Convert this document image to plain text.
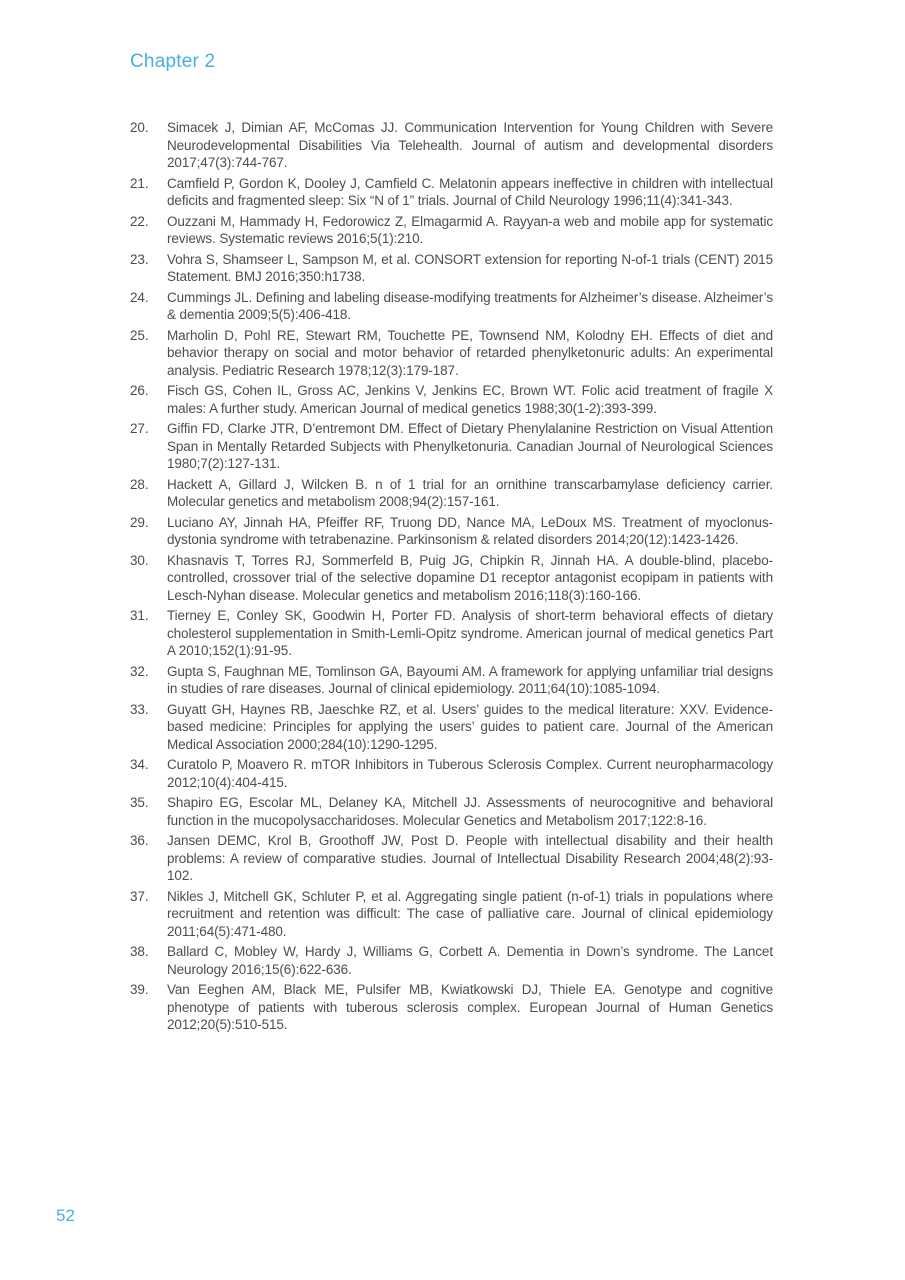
Chapter 2
20.	Simacek J, Dimian AF, McComas JJ. Communication Intervention for Young Children with Severe Neurodevelopmental Disabilities Via Telehealth. Journal of autism and developmental disorders 2017;47(3):744-767.
21.	Camfield P, Gordon K, Dooley J, Camfield C. Melatonin appears ineffective in children with intellectual deficits and fragmented sleep: Six “N of 1” trials. Journal of Child Neurology 1996;11(4):341-343.
22.	Ouzzani M, Hammady H, Fedorowicz Z, Elmagarmid A. Rayyan-a web and mobile app for systematic reviews. Systematic reviews 2016;5(1):210.
23.	Vohra S, Shamseer L, Sampson M, et al. CONSORT extension for reporting N-of-1 trials (CENT) 2015 Statement. BMJ 2016;350:h1738.
24.	Cummings JL. Defining and labeling disease-modifying treatments for Alzheimer’s disease. Alzheimer’s & dementia 2009;5(5):406-418.
25.	Marholin D, Pohl RE, Stewart RM, Touchette PE, Townsend NM, Kolodny EH. Effects of diet and behavior therapy on social and motor behavior of retarded phenylketonuric adults: An experimental analysis. Pediatric Research 1978;12(3):179-187.
26.	Fisch GS, Cohen IL, Gross AC, Jenkins V, Jenkins EC, Brown WT. Folic acid treatment of fragile X males: A further study. American Journal of medical genetics 1988;30(1-2):393-399.
27.	Giffin FD, Clarke JTR, D’entremont DM. Effect of Dietary Phenylalanine Restriction on Visual Attention Span in Mentally Retarded Subjects with Phenylketonuria. Canadian Journal of Neurological Sciences 1980;7(2):127-131.
28.	Hackett A, Gillard J, Wilcken B. n of 1 trial for an ornithine transcarbamylase deficiency carrier. Molecular genetics and metabolism 2008;94(2):157-161.
29.	Luciano AY, Jinnah HA, Pfeiffer RF, Truong DD, Nance MA, LeDoux MS. Treatment of myoclonus-dystonia syndrome with tetrabenazine. Parkinsonism & related disorders 2014;20(12):1423-1426.
30.	Khasnavis T, Torres RJ, Sommerfeld B, Puig JG, Chipkin R, Jinnah HA. A double-blind, placebo-controlled, crossover trial of the selective dopamine D1 receptor antagonist ecopipam in patients with Lesch-Nyhan disease. Molecular genetics and metabolism 2016;118(3):160-166.
31.	Tierney E, Conley SK, Goodwin H, Porter FD. Analysis of short-term behavioral effects of dietary cholesterol supplementation in Smith-Lemli-Opitz syndrome. American journal of medical genetics Part A 2010;152(1):91-95.
32.	Gupta S, Faughnan ME, Tomlinson GA, Bayoumi AM. A framework for applying unfamiliar trial designs in studies of rare diseases. Journal of clinical epidemiology. 2011;64(10):1085-1094.
33.	Guyatt GH, Haynes RB, Jaeschke RZ, et al. Users’ guides to the medical literature: XXV. Evidence-based medicine: Principles for applying the users’ guides to patient care. Journal of the American Medical Association 2000;284(10):1290-1295.
34.	Curatolo P, Moavero R. mTOR Inhibitors in Tuberous Sclerosis Complex. Current neuropharmacology 2012;10(4):404-415.
35.	Shapiro EG, Escolar ML, Delaney KA, Mitchell JJ. Assessments of neurocognitive and behavioral function in the mucopolysaccharidoses. Molecular Genetics and Metabolism 2017;122:8-16.
36.	Jansen DEMC, Krol B, Groothoff JW, Post D. People with intellectual disability and their health problems: A review of comparative studies. Journal of Intellectual Disability Research 2004;48(2):93-102.
37.	Nikles J, Mitchell GK, Schluter P, et al. Aggregating single patient (n-of-1) trials in populations where recruitment and retention was difficult: The case of palliative care. Journal of clinical epidemiology 2011;64(5):471-480.
38.	Ballard C, Mobley W, Hardy J, Williams G, Corbett A. Dementia in Down’s syndrome. The Lancet Neurology 2016;15(6):622-636.
39.	Van Eeghen AM, Black ME, Pulsifer MB, Kwiatkowski DJ, Thiele EA. Genotype and cognitive phenotype of patients with tuberous sclerosis complex. European Journal of Human Genetics 2012;20(5):510-515.
52
